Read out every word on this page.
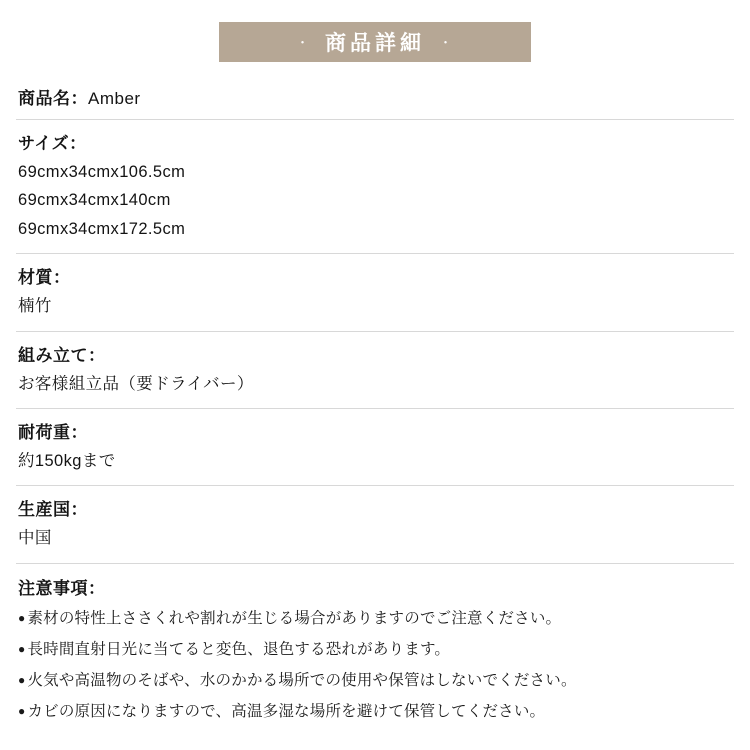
・ 商品詳細 ・
商品名： Amber
サイズ：
69cmx34cmx106.5cm
69cmx34cmx140cm
69cmx34cmx172.5cm
材質：
楠竹
組み立て：
お客様組立品（要ドライバー）
耐荷重：
約150kgまで
生産国：
中国
注意事項：
● 素材の特性上ささくれや割れが生じる場合がありますのでご注意ください。
● 長時間直射日光に当てると変色、退色する恐れがあります。
● 火気や高温物のそばや、水のかかる場所での使用や保管はしないでください。
● カビの原因になりますので、高温多湿な場所を避けて保管してください。
